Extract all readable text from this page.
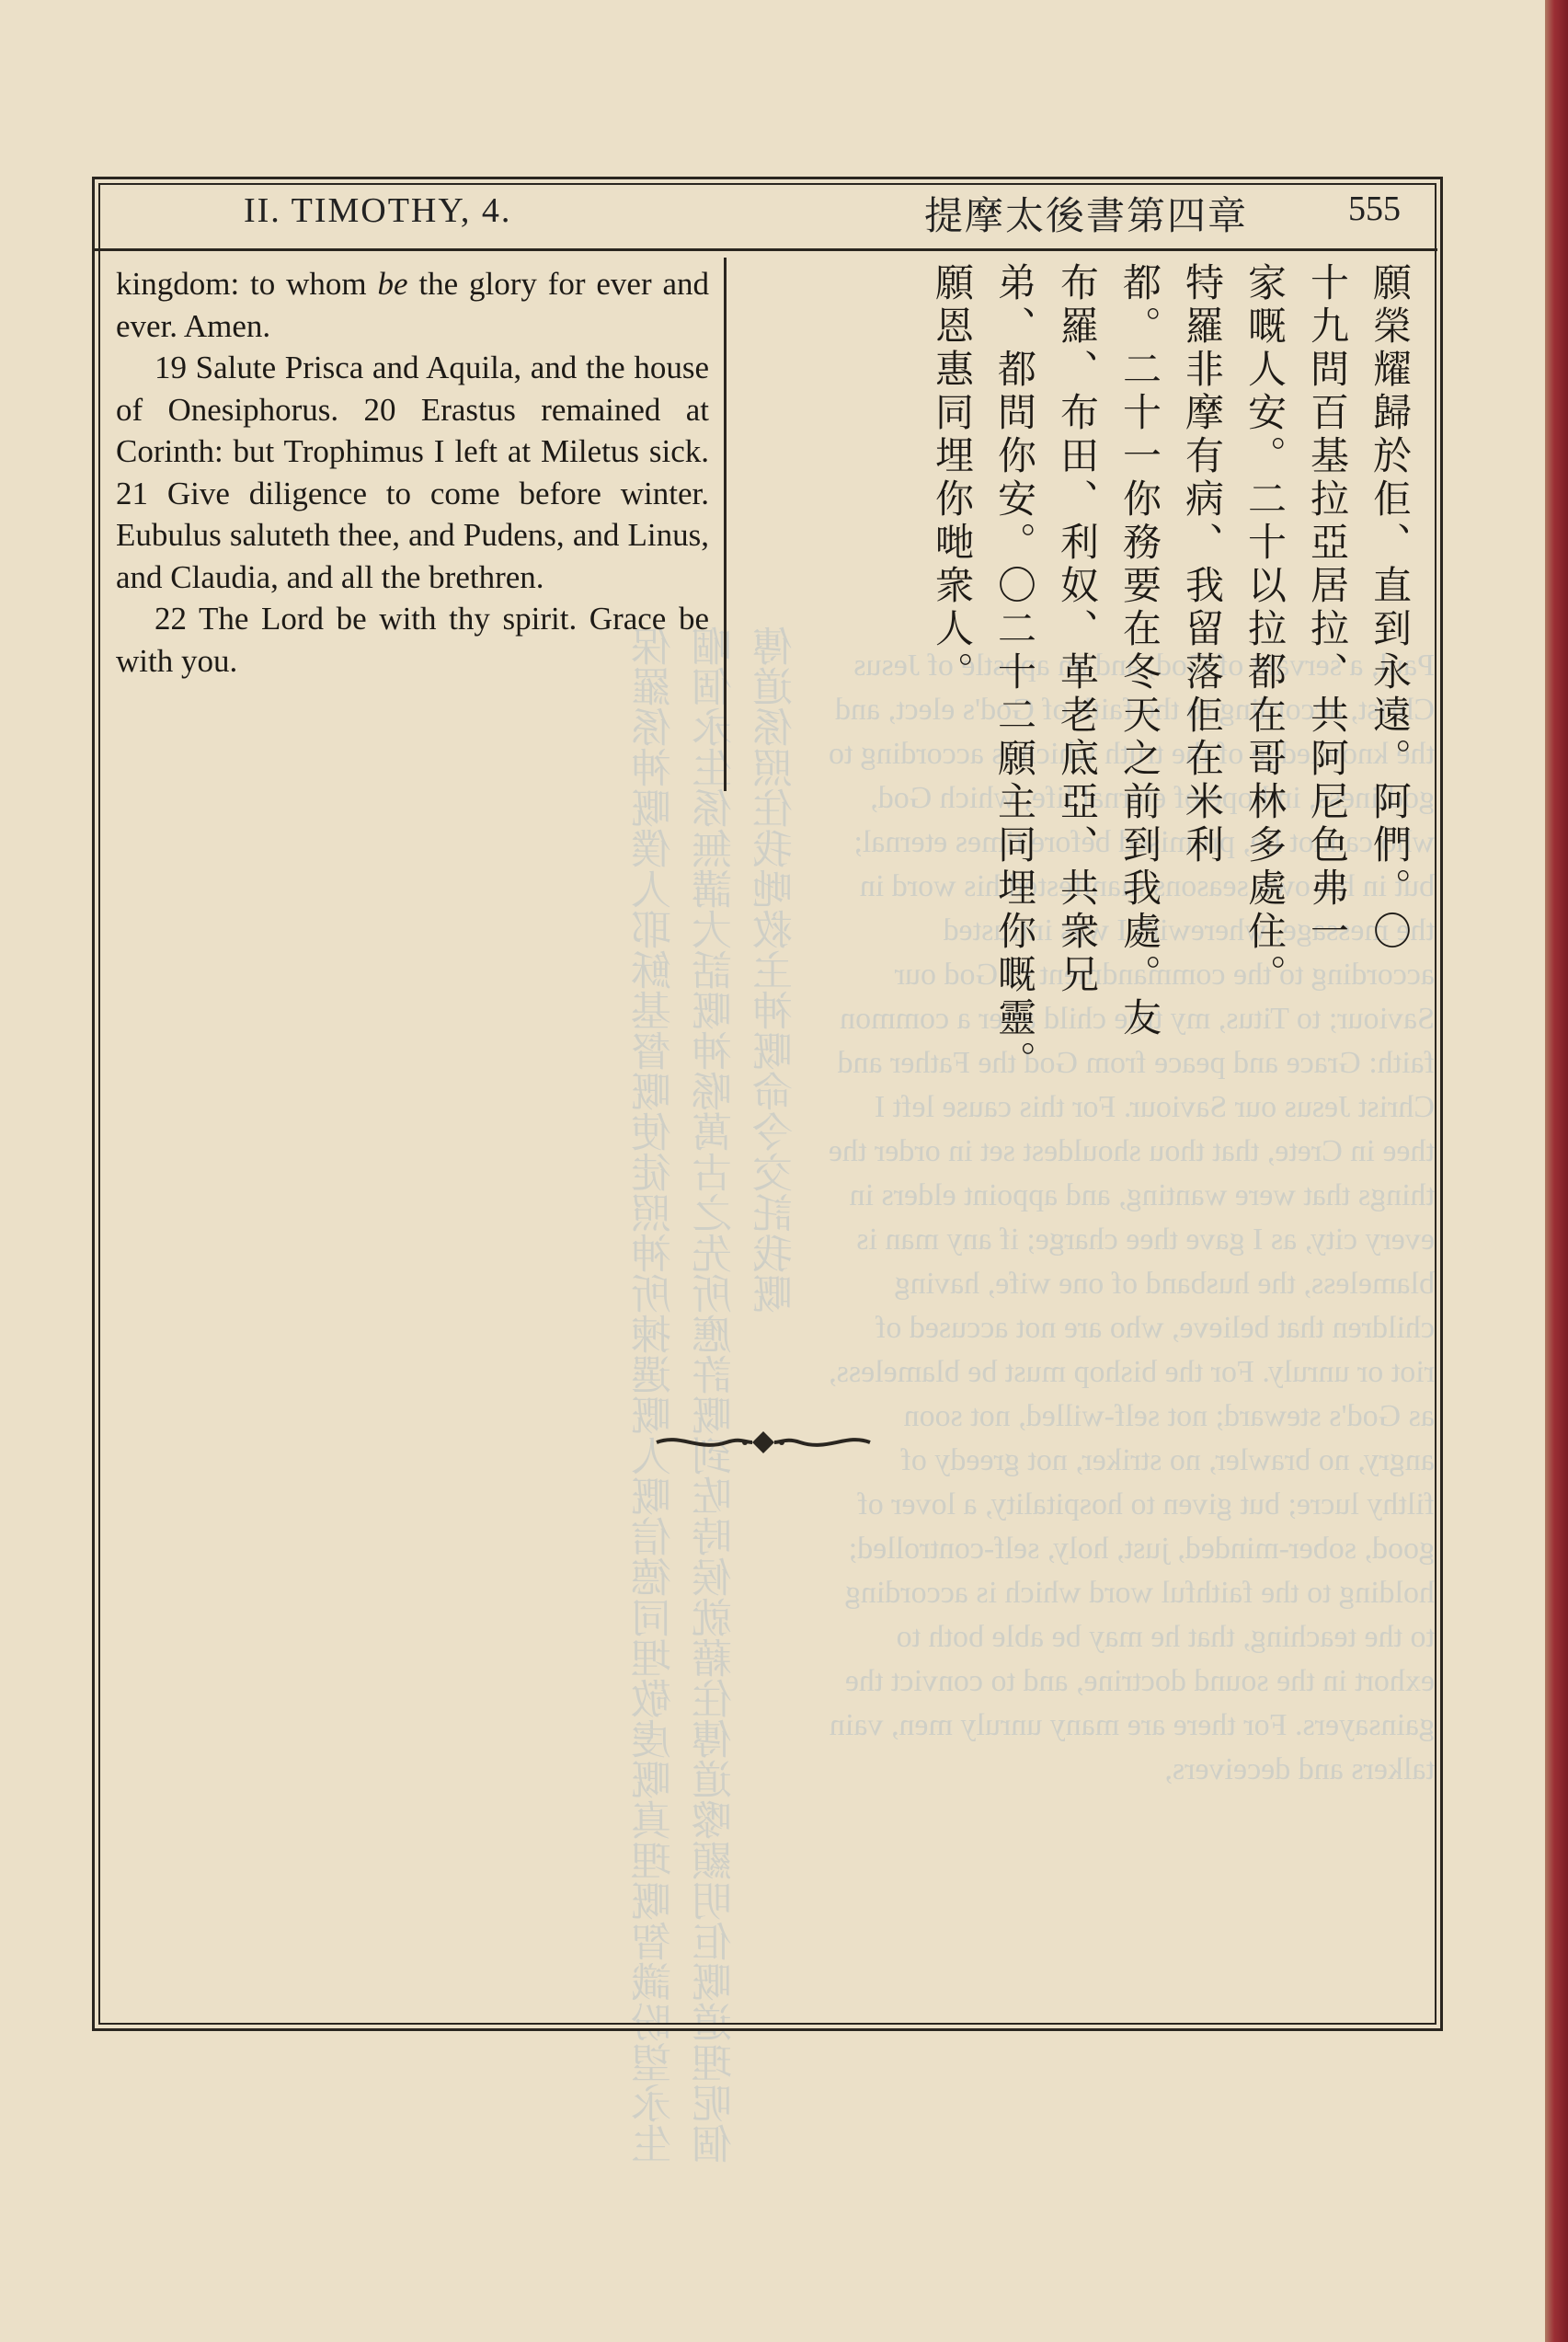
Paul, a servant of God, and an apostle of Jesus Christ, according to the faith of God's elect, and the knowledge of the truth which is according to godliness, in hope of eternal life, which God, who cannot lie, promised before times eternal; but in his own seasons manifested his word in the message, wherewith I was intrusted according to the commandment of God our Saviour; to Titus, my true child after a common faith: Grace and peace from God the Father and Christ Jesus our Saviour. For this cause left I thee in Crete, that thou shouldest set in order the things that were wanting, and appoint elders in every city, as I gave thee charge; if any man is blameless, the husband of one wife, having children that believe, who are not accused of riot or unruly. For the bishop must be blameless, as God's steward; not self-willed, not soon angry, no brawler, no striker, not greedy of filthy lucre; but given to hospitality, a lover of good, sober-minded, just, holy, self-controlled; holding to the faithful word which is according to the teaching, that he may be able both to exhort in the sound doctrine, and to convict the gainsayers. For there are many unruly men, vain talkers and deceivers,
保羅係神嘅僕人耶穌基督嘅使徒照神所揀選嘅人嘅信德同埋敬虔嘅真理嘅智識盼望永生嗰個永生係無講大話嘅神喺萬古之先所應許嘅到咗時候就藉住傳道嚟顯明佢嘅道理呢個傳道係照住我哋救主神嘅命令交託我嘅
II. TIMOTHY, 4.	提摩太後書第四章	555

kingdom: to whom be the glory for ever and ever. Amen.

19 Salute Prisca and Aquila, and the house of Onesiphorus. 20 Erastus remained at Corinth: but Trophimus I left at Miletus sick. 21 Give diligence to come before winter. Eubulus saluteth thee, and Pudens, and Linus, and Claudia, and all the brethren.

22 The Lord be with thy spirit. Grace be with you.	願榮耀歸於佢、直到永遠。阿們。〇
十九問百基拉亞居拉、共阿尼色弗一
家嘅人安。二十以拉都在哥林多處住。
特羅非摩有病、我留落佢在米利
都。二十一你務要在冬天之前到我處。友
布羅、布田、利奴、革老底亞、共衆兄
弟、都問你安。〇二十二願主同埋你嘅靈。
願恩惠同埋你哋衆人。
